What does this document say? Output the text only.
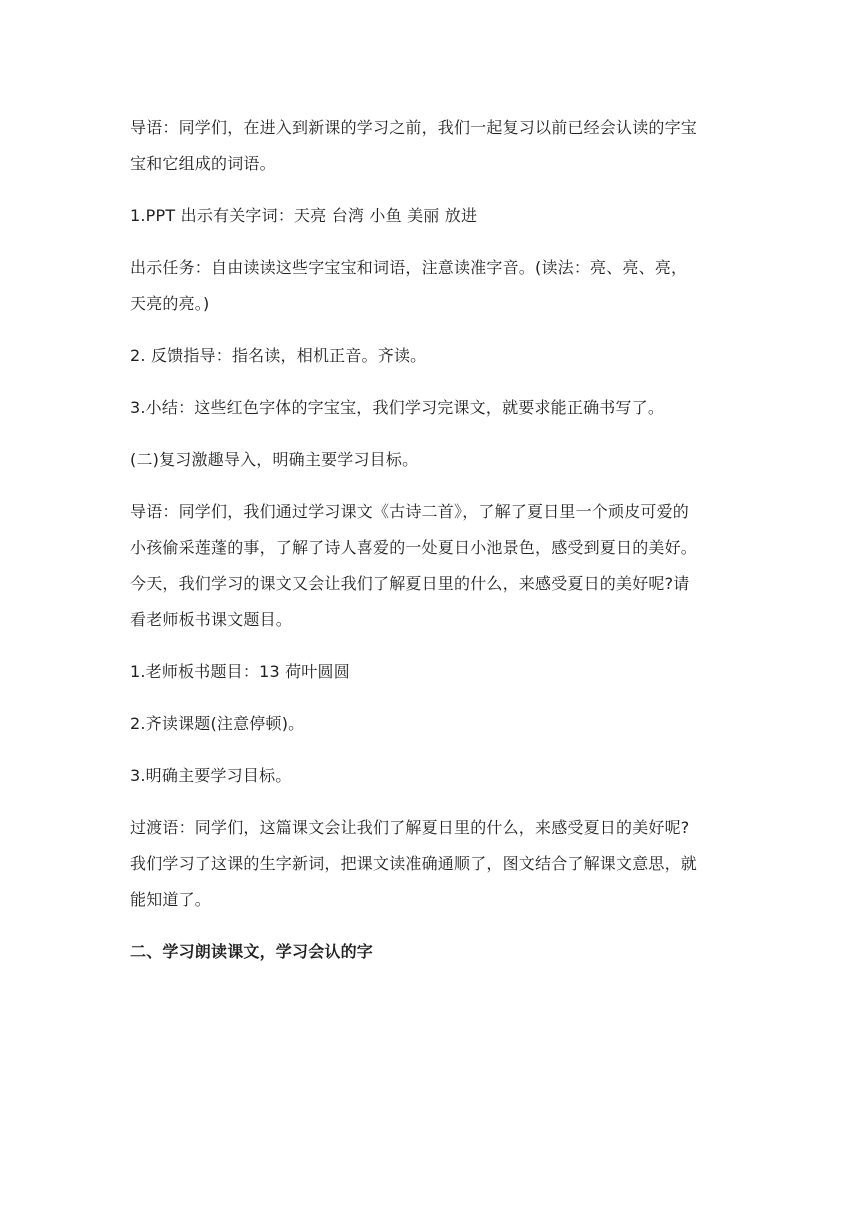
导语：同学们，在进入到新课的学习之前，我们一起复习以前已经会认读的字宝
宝和它组成的词语。
1.PPT 出示有关字词：天亮 台湾 小鱼 美丽 放进
出示任务：自由读读这些字宝宝和词语，注意读准字音。(读法：亮、亮、亮，
天亮的亮。)
2. 反馈指导：指名读，相机正音。齐读。
3.小结：这些红色字体的字宝宝，我们学习完课文，就要求能正确书写了。
(二)复习激趣导入，明确主要学习目标。
导语：同学们，我们通过学习课文《古诗二首》，了解了夏日里一个顽皮可爱的
小孩偷采莲蓬的事，了解了诗人喜爱的一处夏日小池景色，感受到夏日的美好。
今天，我们学习的课文又会让我们了解夏日里的什么，来感受夏日的美好呢?请
看老师板书课文题目。
1.老师板书题目：13 荷叶圆圆
2.齐读课题(注意停顿)。
3.明确主要学习目标。
过渡语：同学们，这篇课文会让我们了解夏日里的什么，来感受夏日的美好呢?
我们学习了这课的生字新词，把课文读准确通顺了，图文结合了解课文意思，就
能知道了。
二、学习朗读课文，学习会认的字
